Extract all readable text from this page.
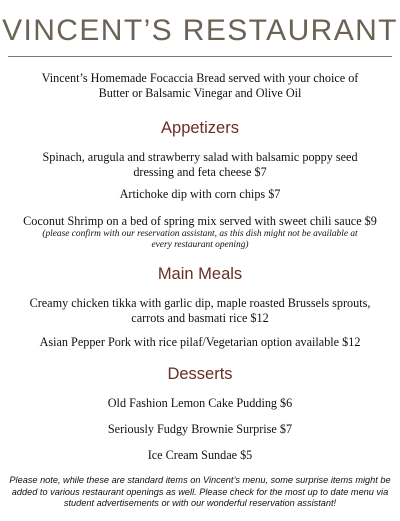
VINCENT’S RESTAURANT
Vincent’s Homemade Focaccia Bread served with your choice of
Butter or Balsamic Vinegar and Olive Oil
Appetizers
Spinach, arugula and strawberry salad with balsamic poppy seed dressing and feta cheese $7
Artichoke dip with corn chips $7
Coconut Shrimp on a bed of spring mix served with sweet chili sauce $9
(please confirm with our reservation assistant, as this dish might not be available at every restaurant opening)
Main Meals
Creamy chicken tikka with garlic dip, maple roasted Brussels sprouts, carrots and basmati rice $12
Asian Pepper Pork with rice pilaf/Vegetarian option available $12
Desserts
Old Fashion Lemon Cake Pudding $6
Seriously Fudgy Brownie Surprise $7
Ice Cream Sundae $5
Please note, while these are standard items on Vincent’s menu, some surprise items might be added to various restaurant openings as well. Please check for the most up to date menu via student advertisements or with our wonderful reservation assistant!
